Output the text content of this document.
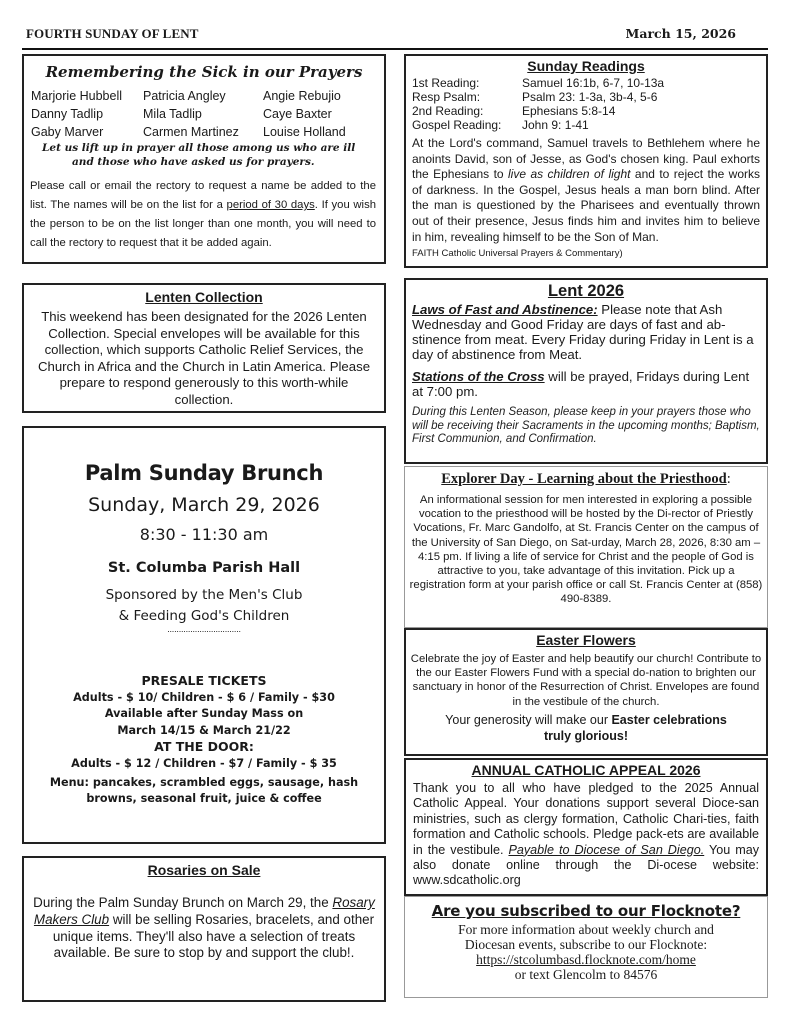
FOURTH SUNDAY OF LENT	March 15, 2026
Remembering the Sick in our Prayers
Marjorie Hubbell	Patricia Angley	Angie Rebujio
Danny Tadlip	Mila Tadlip	Caye Baxter
Gaby Marver	Carmen Martinez	Louise Holland
Let us lift up in prayer all those among us who are ill
and those who have asked us for prayers.
Please call or email the rectory to request a name be added to the list. The names will be on the list for a period of 30 days. If you wish the person to be on the list longer than one month, you will need to call the rectory to request that it be added again.
Sunday Readings
1st Reading:	Samuel 16:1b, 6-7, 10-13a
Resp Psalm:	Psalm 23: 1-3a, 3b-4, 5-6
2nd Reading:	Ephesians 5:8-14
Gospel Reading:	John 9: 1-41
At the Lord's command, Samuel travels to Bethlehem where he anoints David, son of Jesse, as God's chosen king. Paul exhorts the Ephesians to live as children of light and to reject the works of darkness. In the Gospel, Jesus heals a man born blind. After the man is questioned by the Pharisees and eventually thrown out of their presence, Jesus finds him and invites him to believe in him, revealing himself to be the Son of Man.
FAITH Catholic Universal Prayers & Commentary)
Lenten Collection
This weekend has been designated for the 2026 Lenten Collection. Special envelopes will be available for this collection, which supports Catholic Relief Services, the Church in Africa and the Church in Latin America. Please prepare to respond generously to this worth-while collection.
Lent 2026
Laws of Fast and Abstinence: Please note that Ash Wednesday and Good Friday are days of fast and ab-stinence from meat. Every Friday during Friday in Lent is a day of abstinence from Meat.
Stations of the Cross will be prayed, Fridays during Lent at 7:00 pm.
During this Lenten Season, please keep in your prayers those who will be receiving their Sacraments in the upcoming months; Baptism, First Communion, and Confirmation.
Palm Sunday Brunch
Sunday, March 29, 2026
8:30 - 11:30 am
St. Columba Parish Hall
Sponsored by the Men's Club
& Feeding God's Children
................................
PRESALE TICKETS
Adults - $ 10/ Children - $ 6 / Family - $30
Available after Sunday Mass on
March 14/15 & March 21/22
AT THE DOOR:
Adults - $ 12 / Children - $7 / Family - $ 35
Menu: pancakes, scrambled eggs, sausage, hash
browns, seasonal fruit, juice & coffee
Rosaries on Sale
During the Palm Sunday Brunch on March 29, the Rosary Makers Club will be selling Rosaries, bracelets, and other unique items. They'll also have a selection of treats available. Be sure to stop by and support the club!.
Explorer Day - Learning about the Priesthood:
An informational session for men interested in exploring a possible vocation to the priesthood will be hosted by the Di-rector of Priestly Vocations, Fr. Marc Gandolfo, at St. Francis Center on the campus of the University of San Diego, on Sat-urday, March 28, 2026, 8:30 am – 4:15 pm. If living a life of service for Christ and the people of God is attractive to you, take advantage of this invitation. Pick up a registration form at your parish office or call St. Francis Center at (858) 490-8389.
Easter Flowers
Celebrate the joy of Easter and help beautify our church! Contribute to the our Easter Flowers Fund with a special do-nation to brighten our sanctuary in honor of the Resurrection of Christ. Envelopes are found in the vestibule of the church.
Your generosity will make our Easter celebrations
truly glorious!
ANNUAL CATHOLIC APPEAL 2026
Thank you to all who have pledged to the 2025 Annual Catholic Appeal. Your donations support several Dioce-san ministries, such as clergy formation, Catholic Chari-ties, faith formation and Catholic schools. Pledge pack-ets are available in the vestibule. Payable to Diocese of San Diego. You may also donate online through the Di-ocese website: www.sdcatholic.org
Are you subscribed to our Flocknote?
For more information about weekly church and
Diocesan events, subscribe to our Flocknote:
https://stcolumbasd.flocknote.com/home
or text Glencolm to 84576
